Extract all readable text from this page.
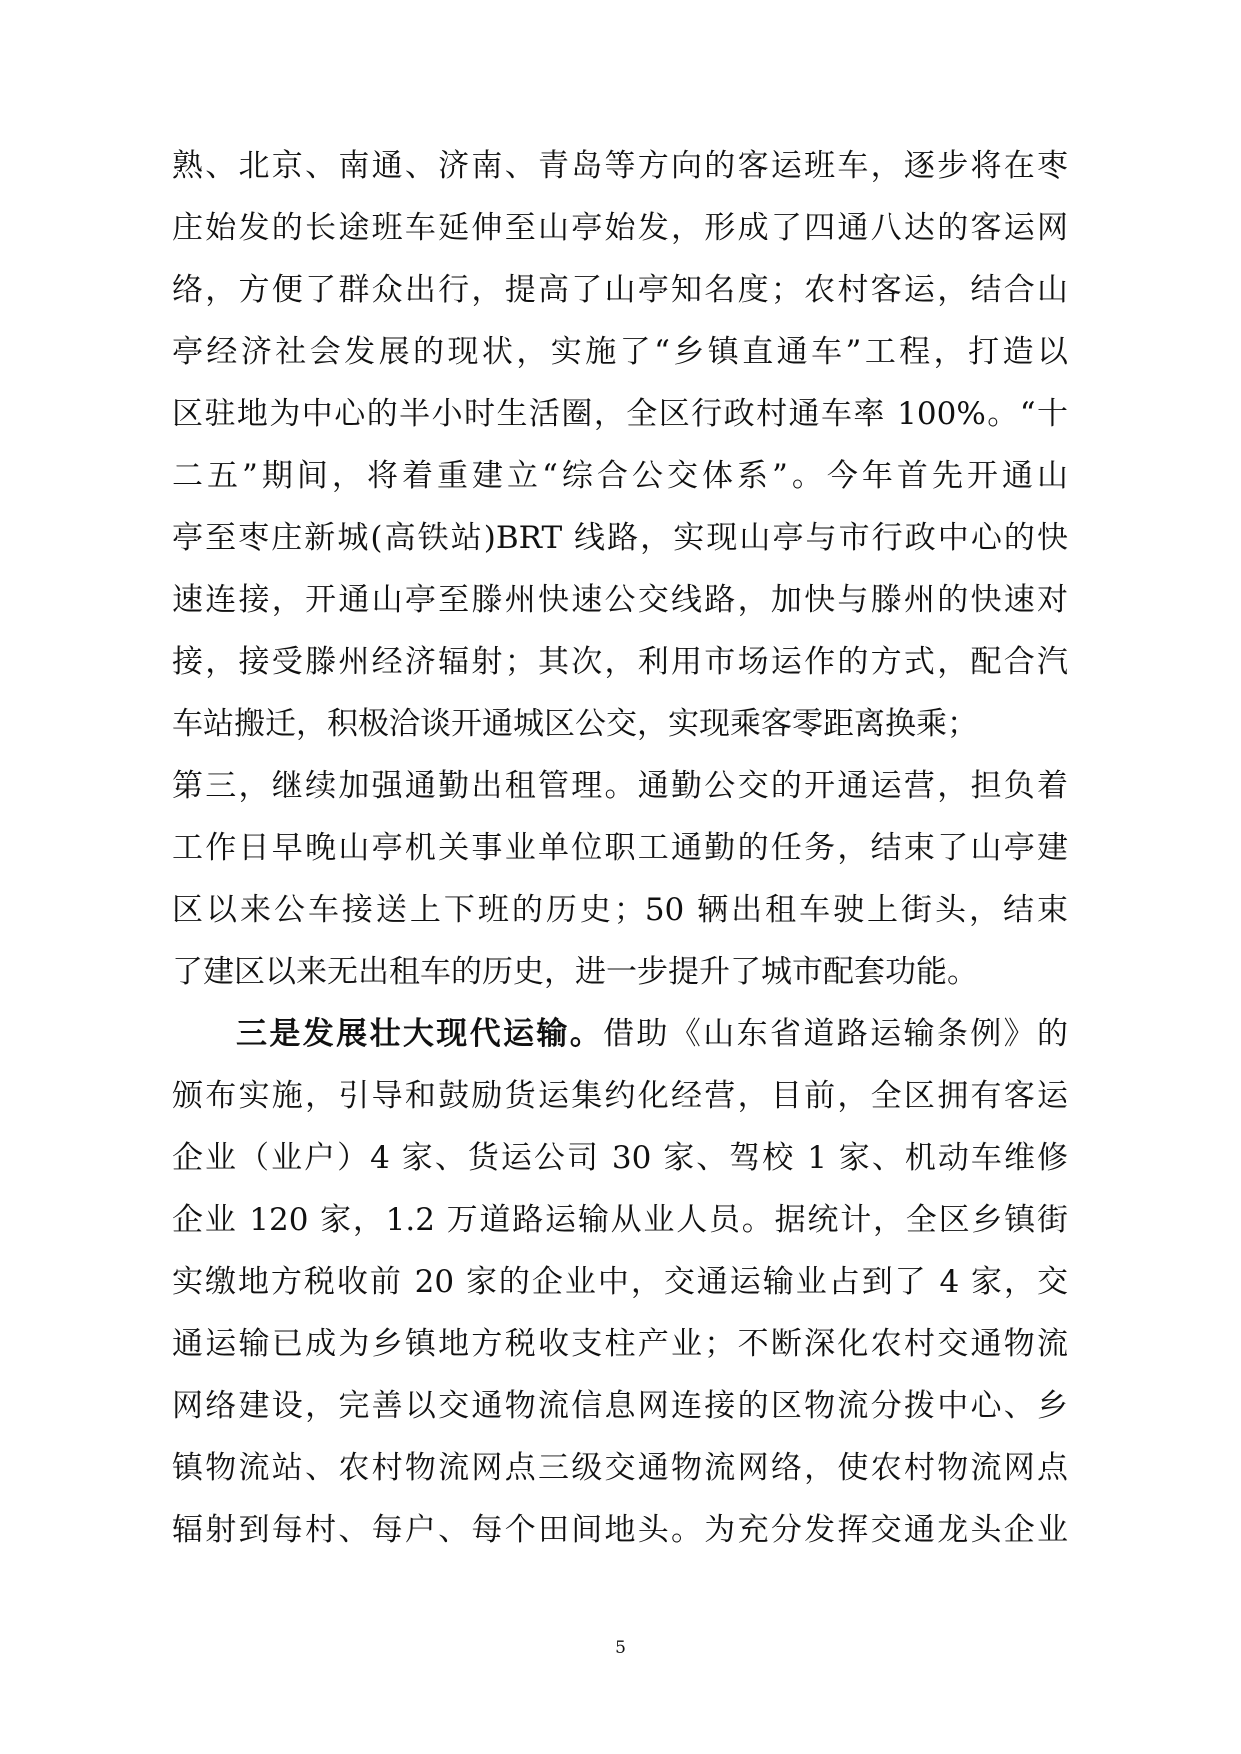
熟、北京、南通、济南、青岛等方向的客运班车，逐步将在枣
庄始发的长途班车延伸至山亭始发，形成了四通八达的客运网
络，方便了群众出行，提高了山亭知名度；农村客运，结合山
亭经济社会发展的现状，实施了“乡镇直通车”工程，打造以
区驻地为中心的半小时生活圈，全区行政村通车率 100%。“十
二五”期间，将着重建立“综合公交体系”。今年首先开通山
亭至枣庄新城(高铁站)BRT 线路，实现山亭与市行政中心的快
速连接，开通山亭至滕州快速公交线路，加快与滕州的快速对
接，接受滕州经济辐射；其次，利用市场运作的方式，配合汽
车站搬迁，积极洽谈开通城区公交，实现乘客零距离换乘；
第三，继续加强通勤出租管理。通勤公交的开通运营，担负着
工作日早晚山亭机关事业单位职工通勤的任务，结束了山亭建
区以来公车接送上下班的历史；50 辆出租车驶上街头，结束
了建区以来无出租车的历史，进一步提升了城市配套功能。
三是发展壮大现代运输。借助《山东省道路运输条例》的
颁布实施，引导和鼓励货运集约化经营，目前，全区拥有客运
企业（业户）4 家、货运公司 30 家、驾校 1 家、机动车维修
企业 120 家，1.2 万道路运输从业人员。据统计，全区乡镇街
实缴地方税收前 20 家的企业中，交通运输业占到了 4 家，交
通运输已成为乡镇地方税收支柱产业；不断深化农村交通物流
网络建设，完善以交通物流信息网连接的区物流分拨中心、乡
镇物流站、农村物流网点三级交通物流网络，使农村物流网点
辐射到每村、每户、每个田间地头。为充分发挥交通龙头企业
5
